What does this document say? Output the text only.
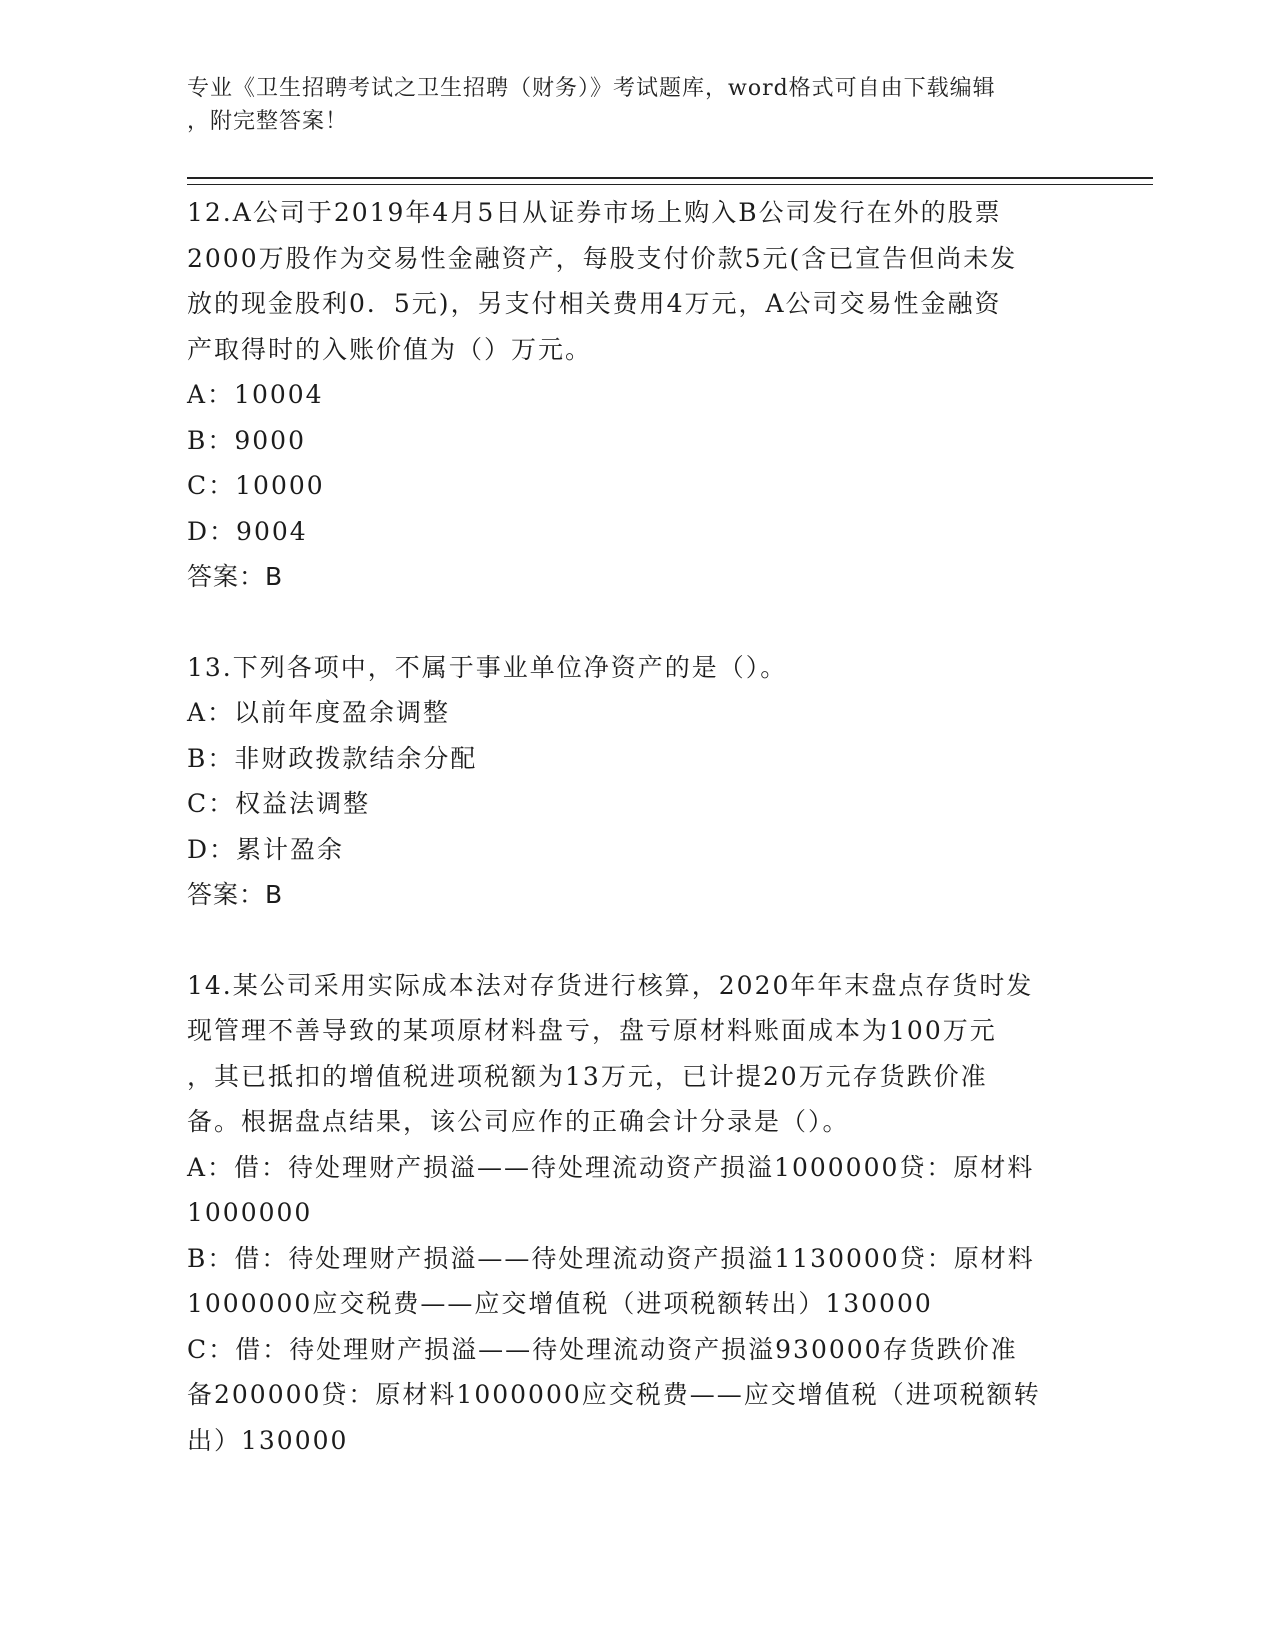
专业《卫生招聘考试之卫生招聘（财务）》考试题库，word格式可自由下载编辑
，附完整答案！
12.A公司于2019年4月5日从证券市场上购入B公司发行在外的股票
2000万股作为交易性金融资产，每股支付价款5元(含已宣告但尚未发
放的现金股利0．5元)，另支付相关费用4万元，A公司交易性金融资
产取得时的入账价值为（）万元。
A：10004
B：9000
C：10000
D：9004
答案：B
13.下列各项中，不属于事业单位净资产的是（）。
A：以前年度盈余调整
B：非财政拨款结余分配
C：权益法调整
D：累计盈余
答案：B
14.某公司采用实际成本法对存货进行核算，2020年年末盘点存货时发
现管理不善导致的某项原材料盘亏，盘亏原材料账面成本为100万元
，其已抵扣的增值税进项税额为13万元，已计提20万元存货跌价准
备。根据盘点结果，该公司应作的正确会计分录是（）。
A：借：待处理财产损溢——待处理流动资产损溢1000000贷：原材料
1000000
B：借：待处理财产损溢——待处理流动资产损溢1130000贷：原材料
1000000应交税费——应交增值税（进项税额转出）130000
C：借：待处理财产损溢——待处理流动资产损溢930000存货跌价准
备200000贷：原材料1000000应交税费——应交增值税（进项税额转
出）130000
